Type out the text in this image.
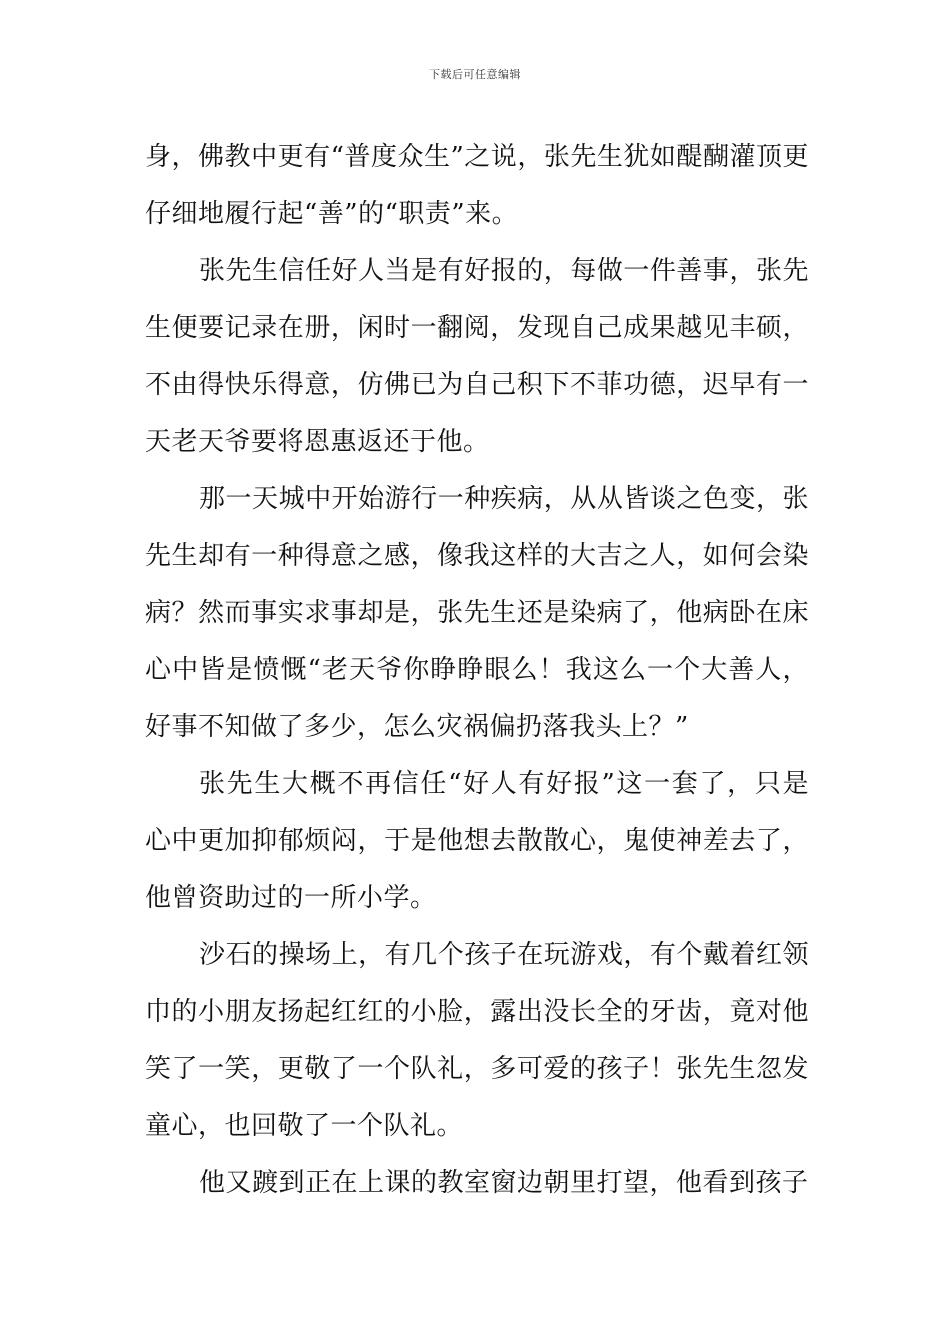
下载后可任意编辑

身，佛教中更有“普度众生”之说，张先生犹如醍醐灌顶更仔细地履行起“善”的“职责”来。

张先生信任好人当是有好报的，每做一件善事，张先生便要记录在册，闲时一翻阅，发现自己成果越见丰硕，不由得快乐得意，仿佛已为自己积下不菲功德，迟早有一天老天爷要将恩惠返还于他。

那一天城中开始游行一种疾病，从从皆谈之色变，张先生却有一种得意之感，像我这样的大吉之人，如何会染病？然而事实求事却是，张先生还是染病了，他病卧在床心中皆是愤慨“老天爷你睁睁眼么！我这么一个大善人，好事不知做了多少，怎么灾祸偏扔落我头上？”

张先生大概不再信任“好人有好报”这一套了，只是心中更加抑郁烦闷，于是他想去散散心，鬼使神差去了，他曾资助过的一所小学。

沙石的操场上，有几个孩子在玩游戏，有个戴着红领巾的小朋友扬起红红的小脸，露出没长全的牙齿，竟对他笑了一笑，更敬了一个队礼，多可爱的孩子！张先生忽发童心，也回敬了一个队礼。

他又踱到正在上课的教室窗边朝里打望，他看到孩子
